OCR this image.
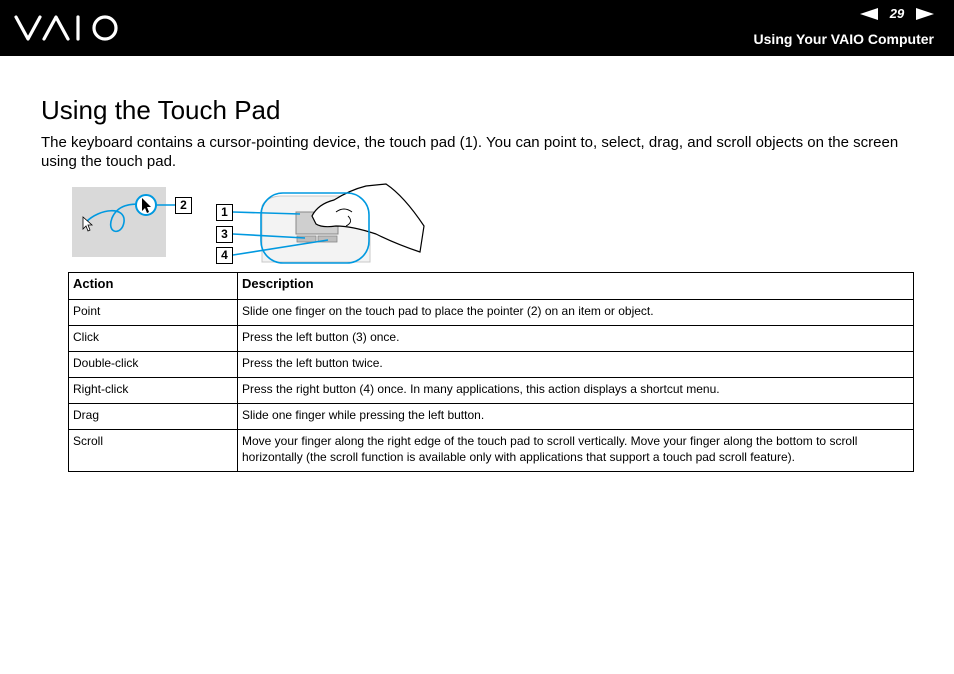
29
Using Your VAIO Computer
Using the Touch Pad

The keyboard contains a cursor-pointing device, the touch pad (1). You can point to, select, drag, and scroll objects on the screen using the touch pad.

2	1
3
4
Action	Description
Point	Slide one finger on the touch pad to place the pointer (2) on an item or object.
Click	Press the left button (3) once.
Double-click	Press the left button twice.
Right-click	Press the right button (4) once. In many applications, this action displays a shortcut menu.
Drag	Slide one finger while pressing the left button.
Scroll	Move your finger along the right edge of the touch pad to scroll vertically. Move your finger along the bottom to scroll horizontally (the scroll function is available only with applications that support a touch pad scroll feature).
